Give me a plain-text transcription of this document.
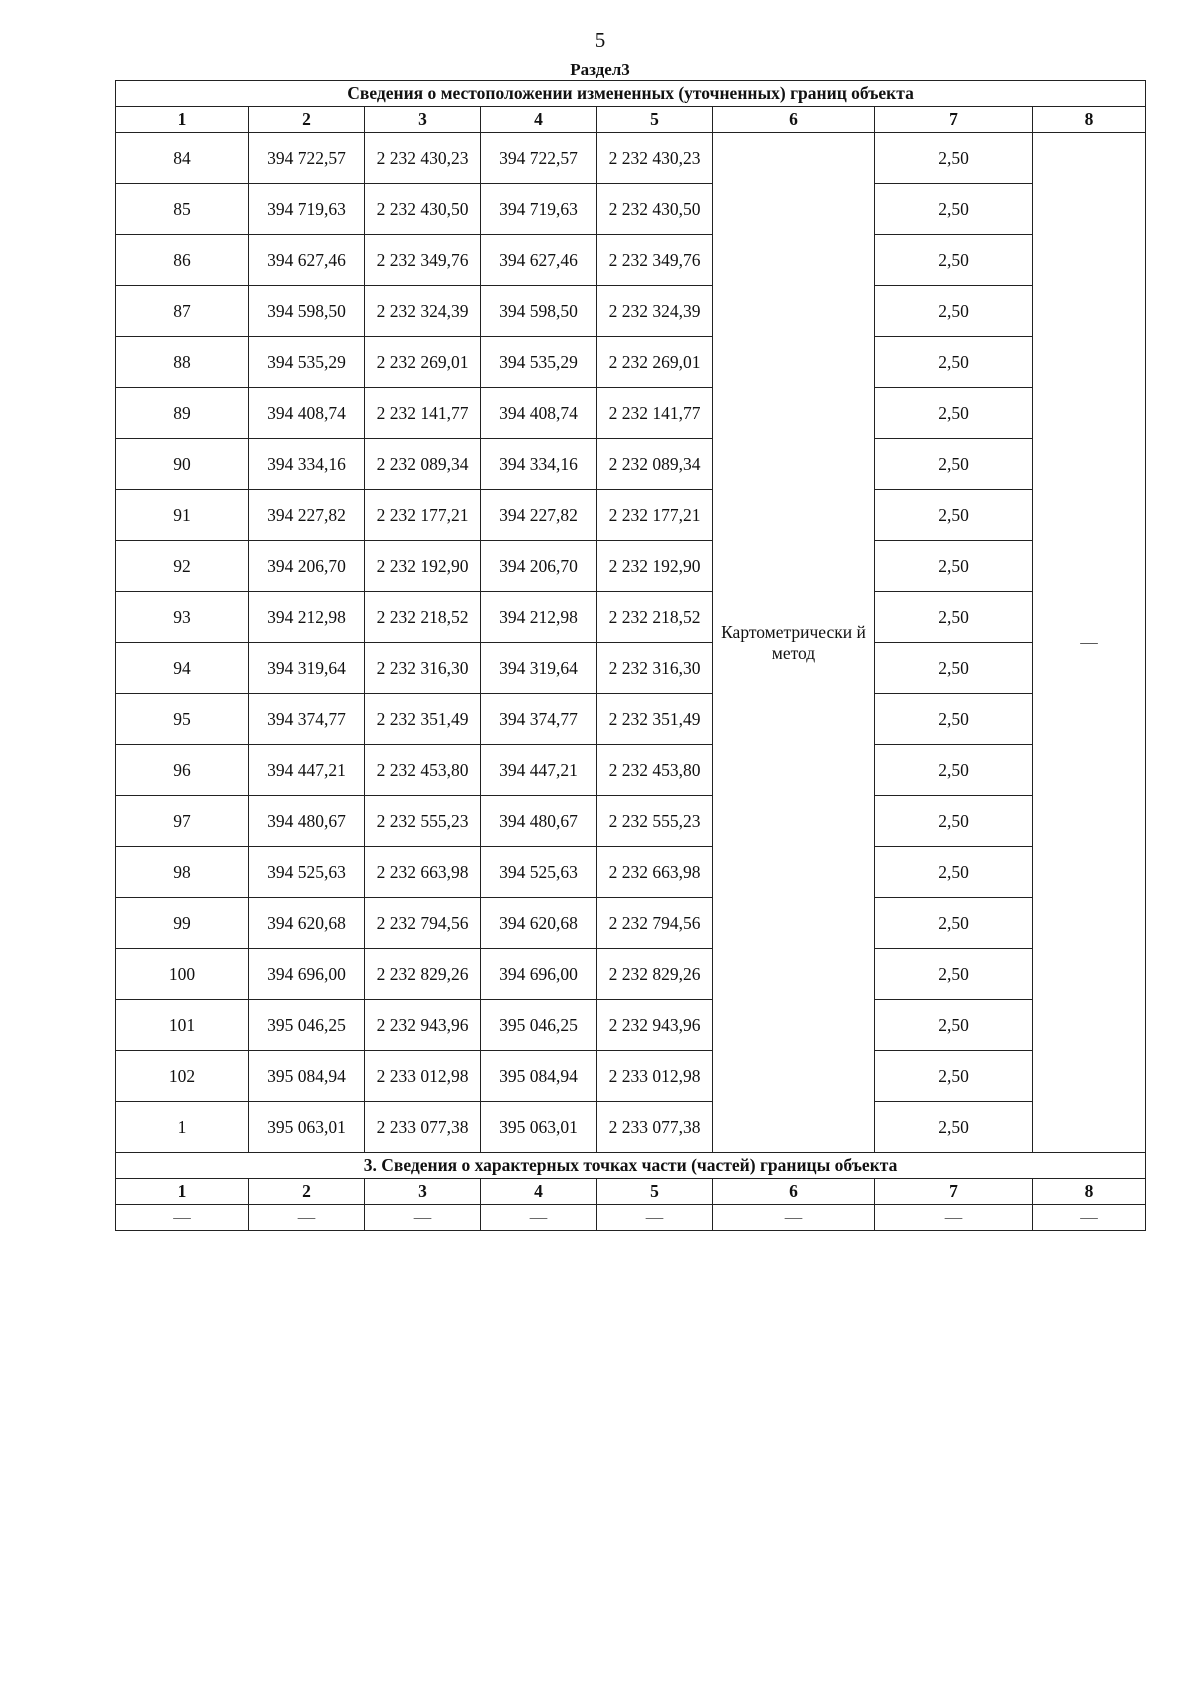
5
Раздел3
Сведения о местоположении измененных (уточненных) границ объекта							
1	2	3	4	5	6	7	8
84	394 722,57	2 232 430,23	394 722,57	2 232 430,23	Картометрически й метод	2,50	—
85	394 719,63	2 232 430,50	394 719,63	2 232 430,50		2,50	
86	394 627,46	2 232 349,76	394 627,46	2 232 349,76		2,50	
87	394 598,50	2 232 324,39	394 598,50	2 232 324,39		2,50	
88	394 535,29	2 232 269,01	394 535,29	2 232 269,01		2,50	
89	394 408,74	2 232 141,77	394 408,74	2 232 141,77		2,50	
90	394 334,16	2 232 089,34	394 334,16	2 232 089,34		2,50	
91	394 227,82	2 232 177,21	394 227,82	2 232 177,21		2,50	
92	394 206,70	2 232 192,90	394 206,70	2 232 192,90		2,50	
93	394 212,98	2 232 218,52	394 212,98	2 232 218,52		2,50	
94	394 319,64	2 232 316,30	394 319,64	2 232 316,30		2,50	
95	394 374,77	2 232 351,49	394 374,77	2 232 351,49		2,50	
96	394 447,21	2 232 453,80	394 447,21	2 232 453,80		2,50	
97	394 480,67	2 232 555,23	394 480,67	2 232 555,23		2,50	
98	394 525,63	2 232 663,98	394 525,63	2 232 663,98		2,50	
99	394 620,68	2 232 794,56	394 620,68	2 232 794,56		2,50	
100	394 696,00	2 232 829,26	394 696,00	2 232 829,26		2,50	
101	395 046,25	2 232 943,96	395 046,25	2 232 943,96		2,50	
102	395 084,94	2 233 012,98	395 084,94	2 233 012,98		2,50	
1	395 063,01	2 233 077,38	395 063,01	2 233 077,38		2,50	
3. Сведения о характерных точках части (частей) границы объекта							
1	2	3	4	5	6	7	8
—	—	—	—	—	—	—	—
